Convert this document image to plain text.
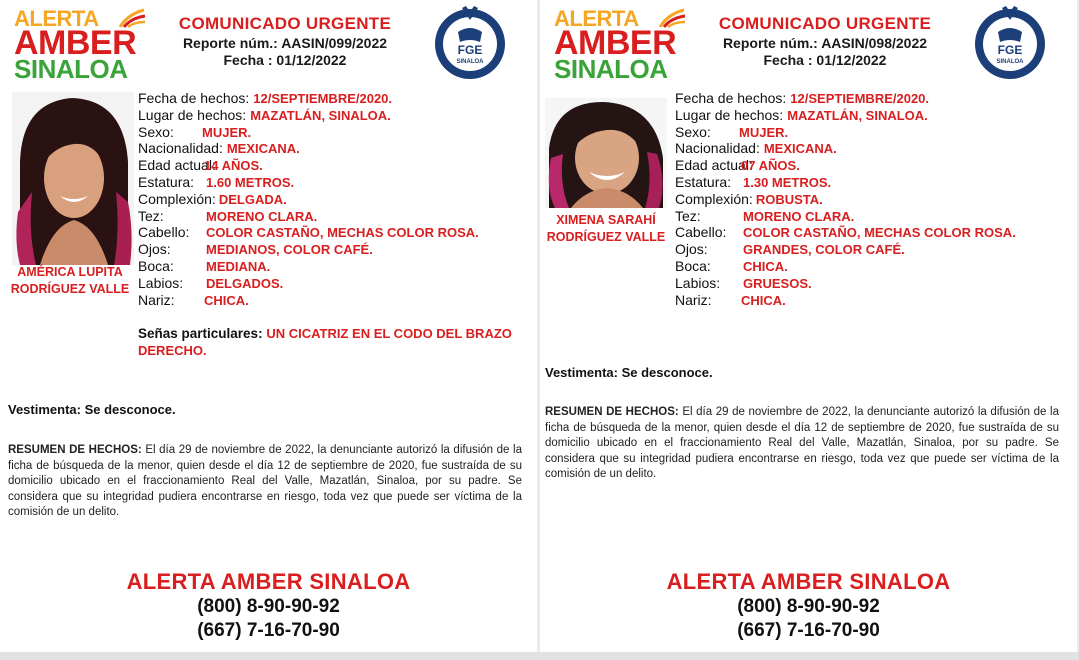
ALERTA
AMBER
SINALOA
COMUNICADO URGENTE
Reporte núm.: AASIN/099/2022
Fecha : 01/12/2022
FGE
SINALOA
AMÉRICA LUPITA
RODRÍGUEZ VALLE
Fecha de hechos: 12/SEPTIEMBRE/2020.
Lugar de hechos: MAZATLÁN, SINALOA.
Sexo: MUJER.
Nacionalidad: MEXICANA.
Edad actual:14 AÑOS.
Estatura: 1.60 METROS.
Complexión: DELGADA.
Tez:	MORENO CLARA.
Cabello: COLOR CASTAÑO, MECHAS COLOR ROSA.
Ojos:	MEDIANOS, COLOR CAFÉ.
Boca: MEDIANA.
Labios: DELGADOS.
Nariz: CHICA.
Señas particulares: UN CICATRIZ EN EL CODO DEL BRAZO
DERECHO.
Vestimenta: Se desconoce.
RESUMEN DE HECHOS: El día 29 de noviembre de 2022, la denunciante autorizó la difusión de la ficha de búsqueda de la menor, quien desde el día 12 de septiembre de 2020, fue sustraída de su domicilio ubicado en el fraccionamiento Real del Valle, Mazatlán, Sinaloa, por su padre. Se considera que su integridad pudiera encontrarse en riesgo, toda vez que puede ser víctima de la comisión de un delito.
ALERTA AMBER SINALOA
(800) 8-90-90-92
(667) 7-16-70-90
ALERTA
AMBER
SINALOA
COMUNICADO URGENTE
Reporte núm.: AASIN/098/2022
Fecha : 01/12/2022
FGE
SINALOA
XIMENA SARAHÍ
RODRÍGUEZ VALLE
Fecha de hechos: 12/SEPTIEMBRE/2020.
Lugar de hechos: MAZATLÁN, SINALOA.
Sexo: MUJER.
Nacionalidad: MEXICANA.
Edad actual:07 AÑOS.
Estatura: 1.30 METROS.
Complexión: ROBUSTA.
Tez:	MORENO CLARA.
Cabello: COLOR CASTAÑO, MECHAS COLOR ROSA.
Ojos:	GRANDES, COLOR CAFÉ.
Boca: CHICA.
Labios: GRUESOS.
Nariz: CHICA.
Vestimenta: Se desconoce.
RESUMEN DE HECHOS: El día 29 de noviembre de 2022, la denunciante autorizó la difusión de la ficha de búsqueda de la menor, quien desde el día 12 de septiembre de 2020, fue sustraída de su domicilio ubicado en el fraccionamiento Real del Valle, Mazatlán, Sinaloa, por su padre. Se considera que su integridad pudiera encontrarse en riesgo, toda vez que puede ser víctima de la comisión de un delito.
ALERTA AMBER SINALOA
(800) 8-90-90-92
(667) 7-16-70-90
